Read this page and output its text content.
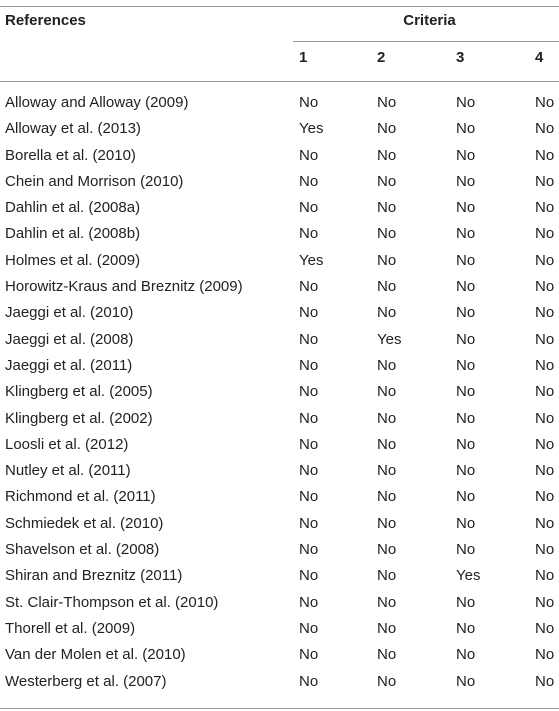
References	Criteria
1	2	3	4
Alloway and Alloway (2009)	No	No	No	No
Alloway et al. (2013)	Yes	No	No	No
Borella et al. (2010)	No	No	No	No
Chein and Morrison (2010)	No	No	No	No
Dahlin et al. (2008a)	No	No	No	No
Dahlin et al. (2008b)	No	No	No	No
Holmes et al. (2009)	Yes	No	No	No
Horowitz-Kraus and Breznitz (2009)	No	No	No	No
Jaeggi et al. (2010)	No	No	No	No
Jaeggi et al. (2008)	No	Yes	No	No
Jaeggi et al. (2011)	No	No	No	No
Klingberg et al. (2005)	No	No	No	No
Klingberg et al. (2002)	No	No	No	No
Loosli et al. (2012)	No	No	No	No
Nutley et al. (2011)	No	No	No	No
Richmond et al. (2011)	No	No	No	No
Schmiedek et al. (2010)	No	No	No	No
Shavelson et al. (2008)	No	No	No	No
Shiran and Breznitz (2011)	No	No	Yes	No
St. Clair-Thompson et al. (2010)	No	No	No	No
Thorell et al. (2009)	No	No	No	No
Van der Molen et al. (2010)	No	No	No	No
Westerberg et al. (2007)	No	No	No	No
